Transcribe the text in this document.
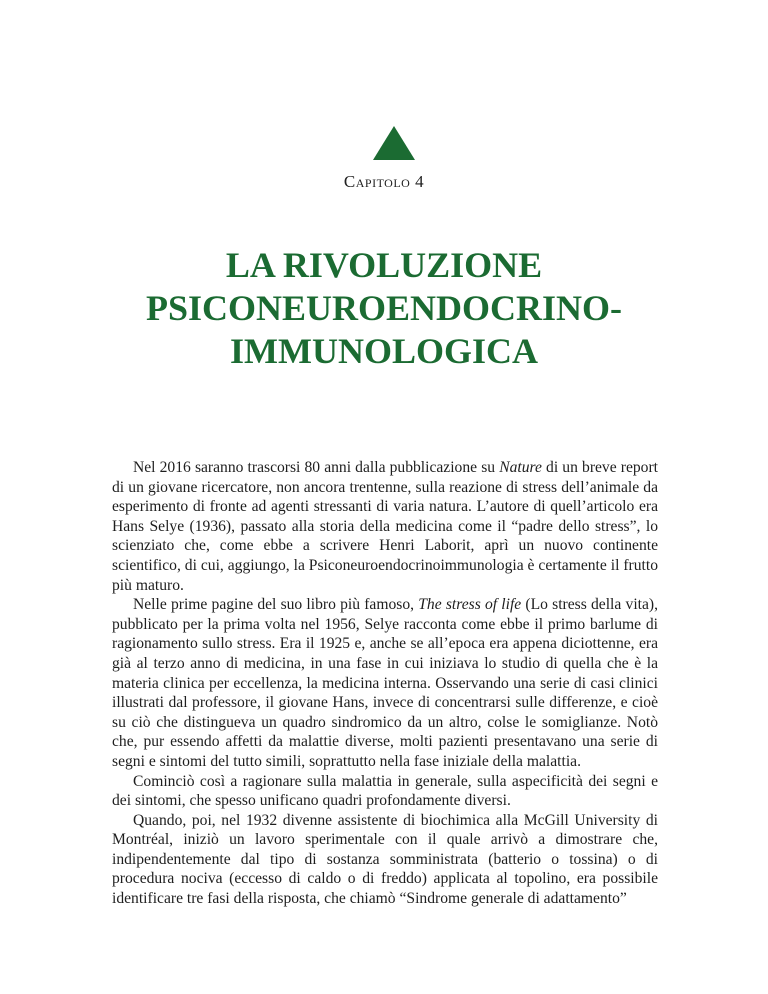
Capitolo 4
LA RIVOLUZIONE
PSICONEUROENDOCRINO-
IMMUNOLOGICA

Nel 2016 saranno trascorsi 80 anni dalla pubblicazione su Nature di un breve report di un giovane ricercatore, non ancora trentenne, sulla reazione di stress dell’animale da esperimento di fronte ad agenti stressanti di varia natura. L’autore di quell’articolo era Hans Selye (1936), passato alla storia della medicina come il “padre dello stress”, lo scienziato che, come ebbe a scrivere Henri Laborit, aprì un nuovo continente scientifico, di cui, aggiungo, la Psiconeuroendocrinoimmunologia è certamente il frutto più maturo.

Nelle prime pagine del suo libro più famoso, The stress of life (Lo stress della vita), pubblicato per la prima volta nel 1956, Selye racconta come ebbe il primo barlume di ragionamento sullo stress. Era il 1925 e, anche se all’epoca era appena diciottenne, era già al terzo anno di medicina, in una fase in cui iniziava lo studio di quella che è la materia clinica per eccellenza, la medicina interna. Osservando una serie di casi clinici illustrati dal professore, il giovane Hans, invece di concentrarsi sulle differenze, e cioè su ciò che distingueva un quadro sindromico da un altro, colse le somiglianze. Notò che, pur essendo affetti da malattie diverse, molti pazienti presentavano una serie di segni e sintomi del tutto simili, soprattutto nella fase iniziale della malattia.

Cominciò così a ragionare sulla malattia in generale, sulla aspecificità dei segni e dei sintomi, che spesso unificano quadri profondamente diversi.

Quando, poi, nel 1932 divenne assistente di biochimica alla McGill University di Montréal, iniziò un lavoro sperimentale con il quale arrivò a dimostrare che, indipendentemente dal tipo di sostanza somministrata (batterio o tossina) o di procedura nociva (eccesso di caldo o di freddo) applicata al topolino, era possibile identificare tre fasi della risposta, che chiamò “Sindrome generale di adattamento”
